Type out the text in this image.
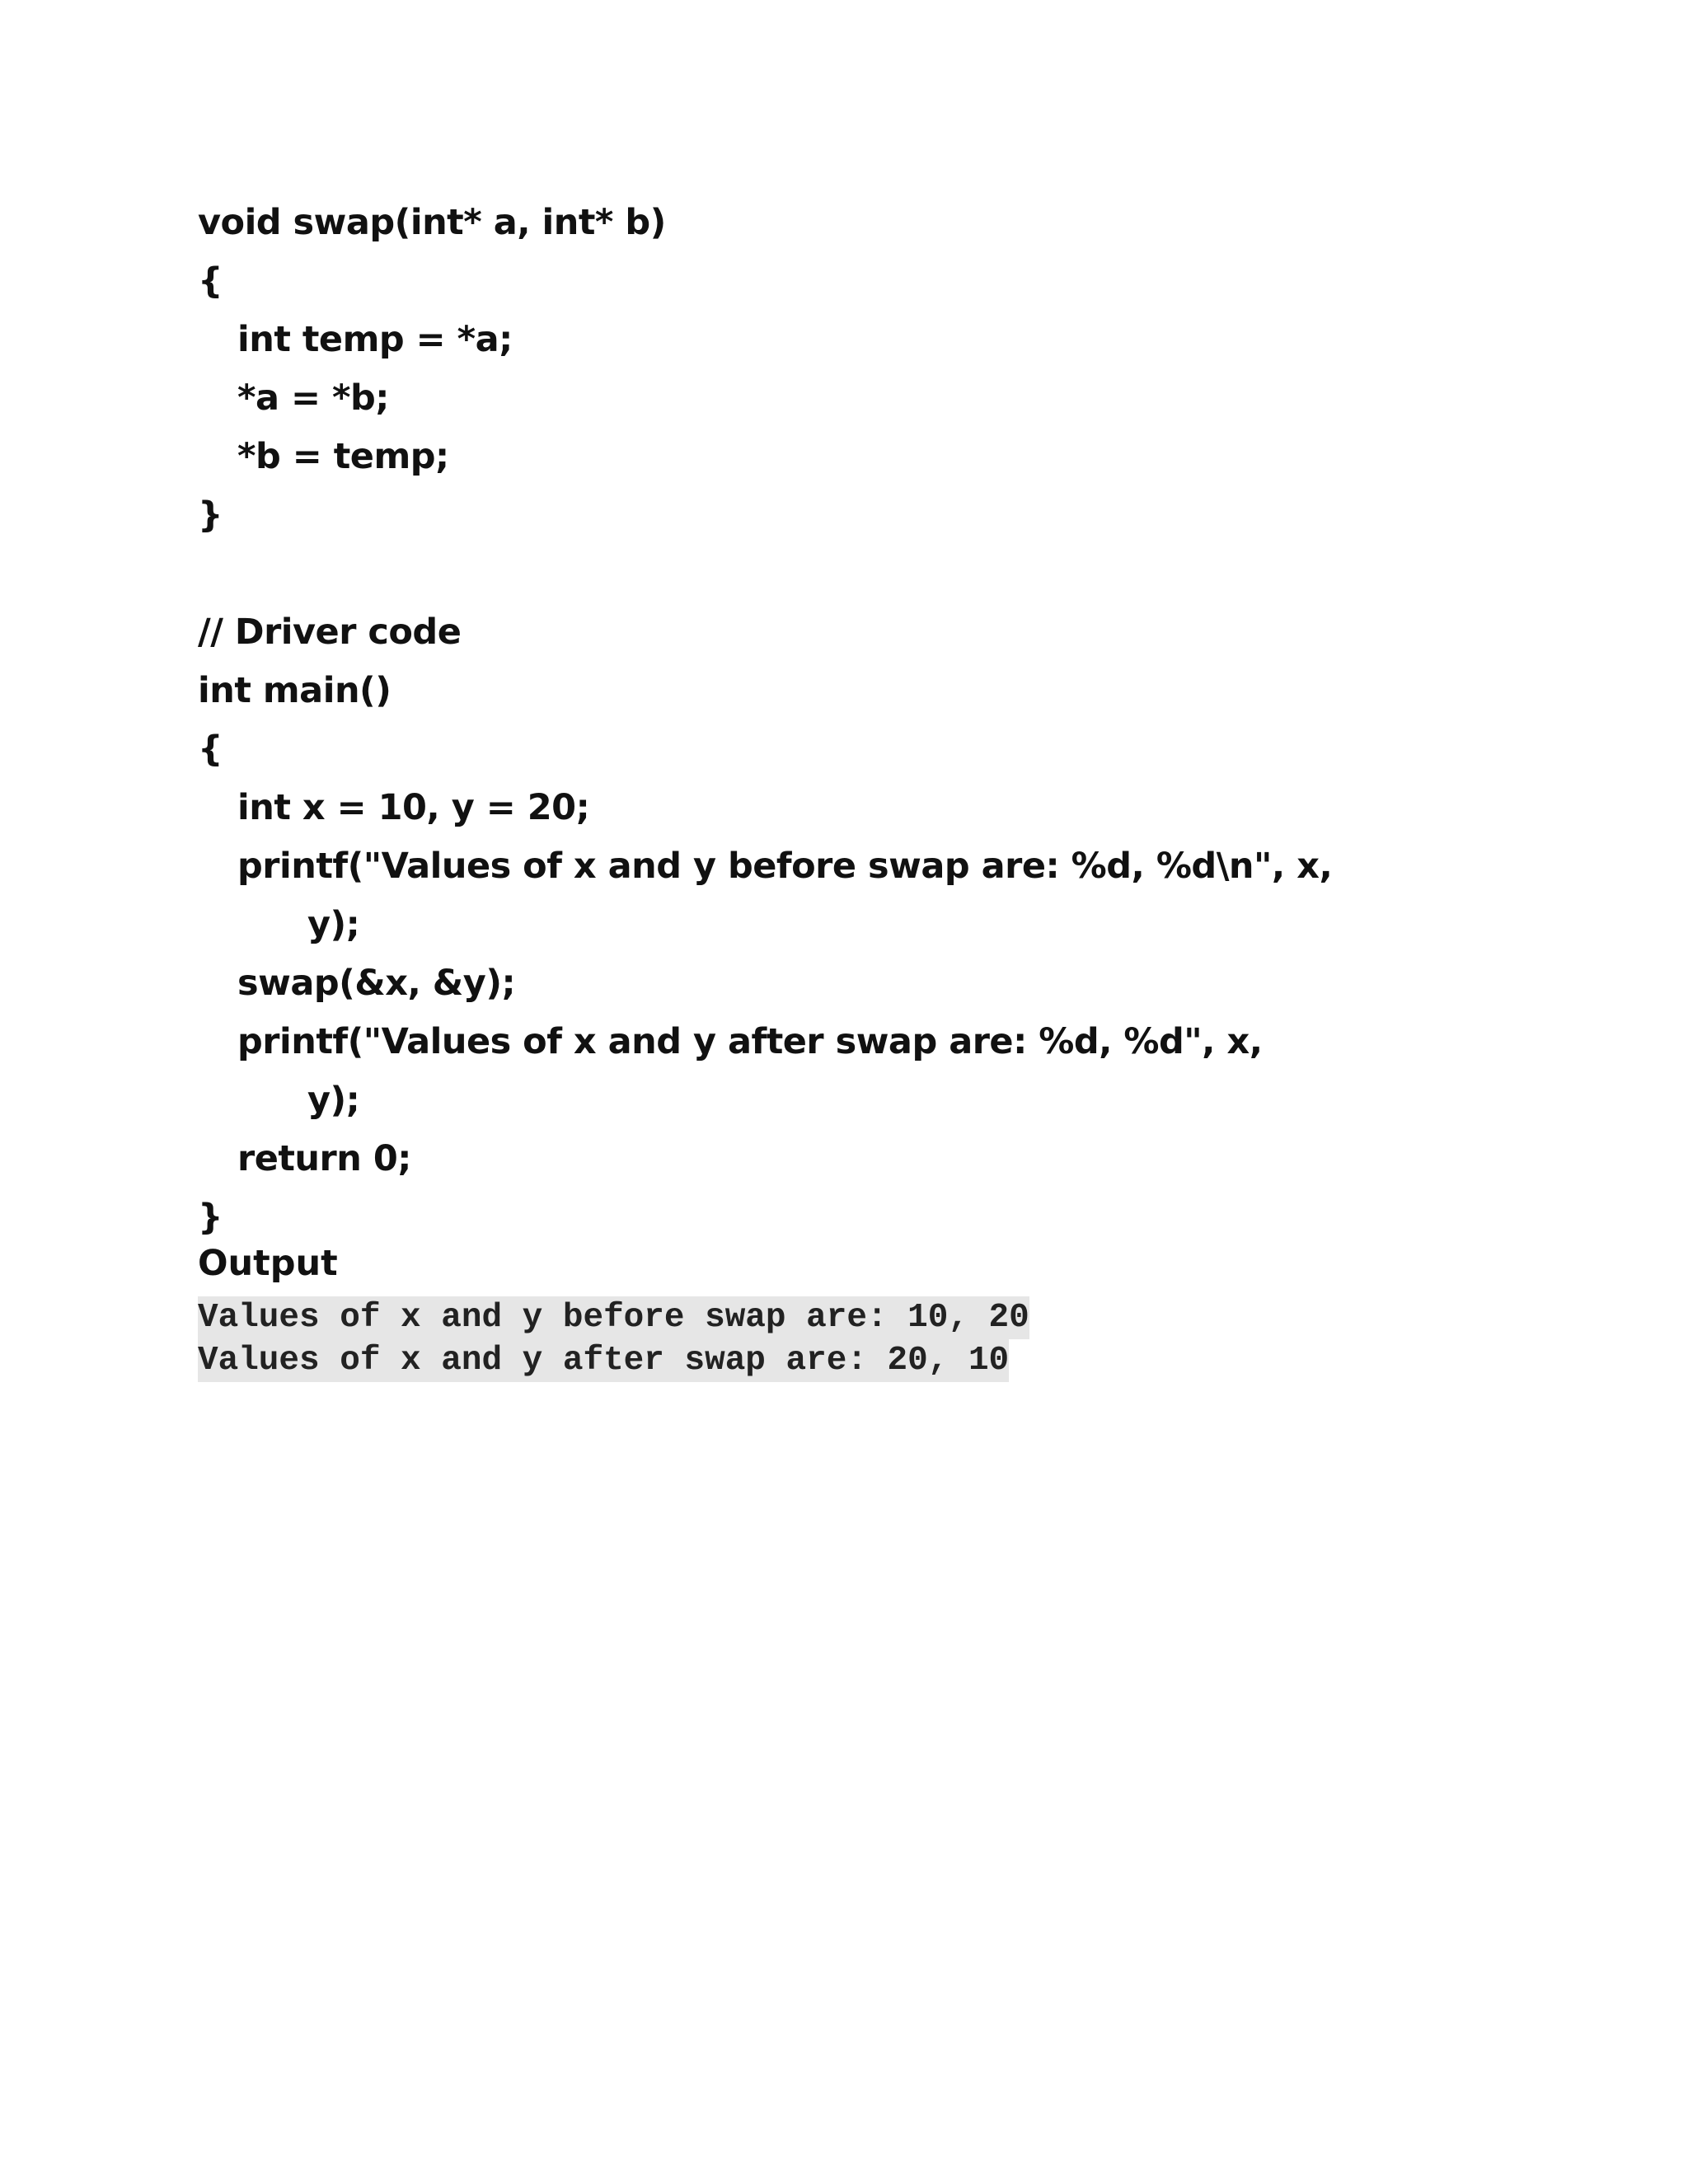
void swap(int* a, int* b)
{
int temp = *a;
*a = *b;
*b = temp;
}
// Driver code
int main()
{
int x = 10, y = 20;
printf("Values of x and y before swap are: %d, %d\n", x,
y);
swap(&x, &y);
printf("Values of x and y after swap are: %d, %d", x,
y);
return 0;
}
Output
Values of x and y before swap are: 10, 20
Values of x and y after swap are: 20, 10
